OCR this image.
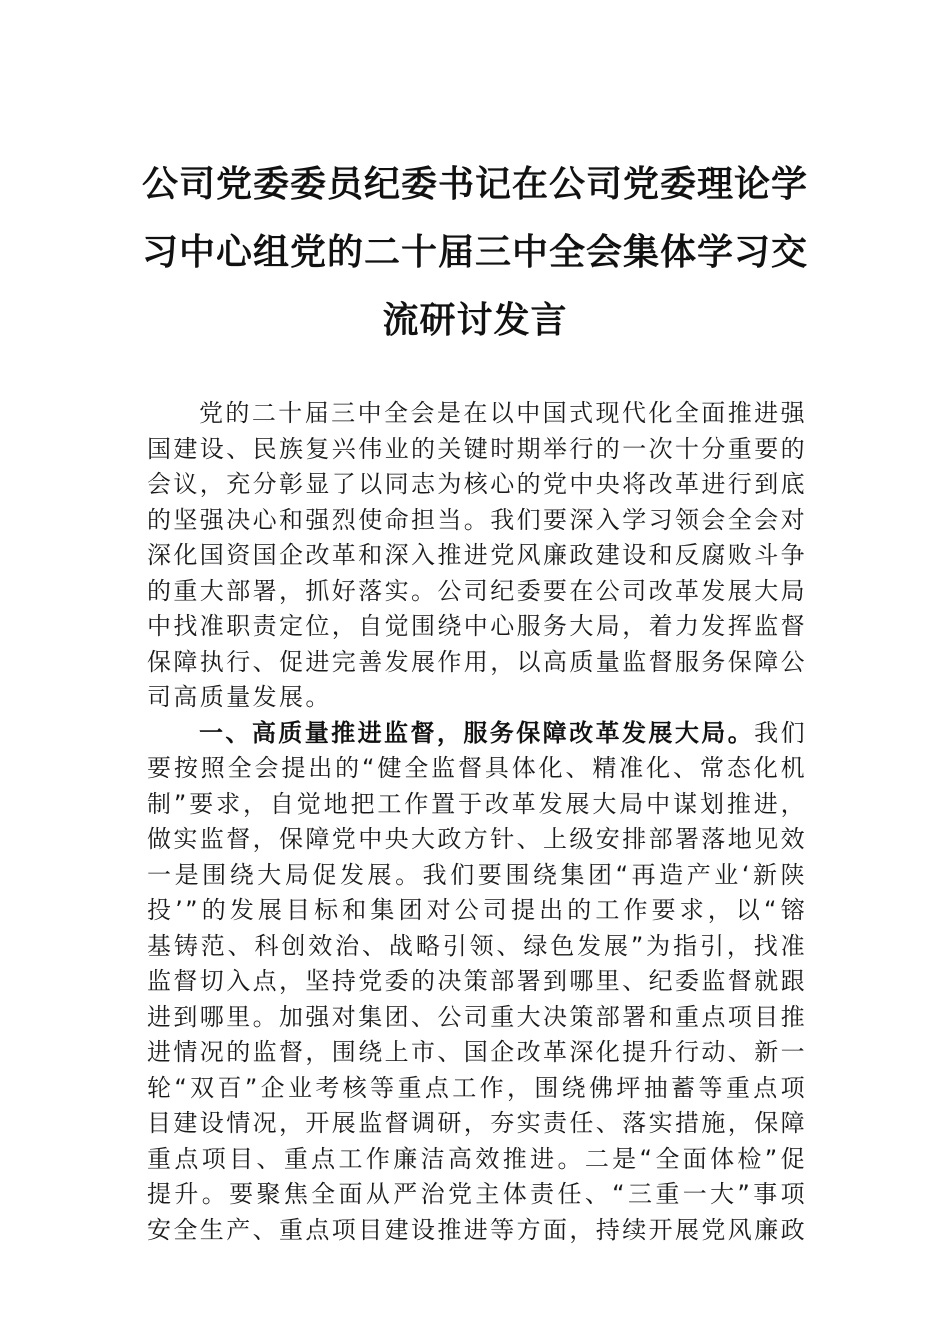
公司党委委员纪委书记在公司党委理论学
习中心组党的二十届三中全会集体学习交
流研讨发言
党的二十届三中全会是在以中国式现代化全面推进强
国建设、民族复兴伟业的关键时期举行的一次十分重要的
会议，充分彰显了以同志为核心的党中央将改革进行到底
的坚强决心和强烈使命担当。我们要深入学习领会全会对
深化国资国企改革和深入推进党风廉政建设和反腐败斗争
的重大部署，抓好落实。公司纪委要在公司改革发展大局
中找准职责定位，自觉围绕中心服务大局，着力发挥监督
保障执行、促进完善发展作用，以高质量监督服务保障公
司高质量发展。
一、高质量推进监督，服务保障改革发展大局。我们
要按照全会提出的“健全监督具体化、精准化、常态化机
制”要求，自觉地把工作置于改革发展大局中谋划推进，
做实监督，保障党中央大政方针、上级安排部署落地见效
一是围绕大局促发展。我们要围绕集团“再造产业‘新陕
投’”的发展目标和集团对公司提出的工作要求，以“镕
基铸范、科创效治、战略引领、绿色发展”为指引，找准
监督切入点，坚持党委的决策部署到哪里、纪委监督就跟
进到哪里。加强对集团、公司重大决策部署和重点项目推
进情况的监督，围绕上市、国企改革深化提升行动、新一
轮“双百”企业考核等重点工作，围绕佛坪抽蓄等重点项
目建设情况，开展监督调研，夯实责任、落实措施，保障
重点项目、重点工作廉洁高效推进。二是“全面体检”促
提升。要聚焦全面从严治党主体责任、“三重一大”事项
安全生产、重点项目建设推进等方面，持续开展党风廉政
